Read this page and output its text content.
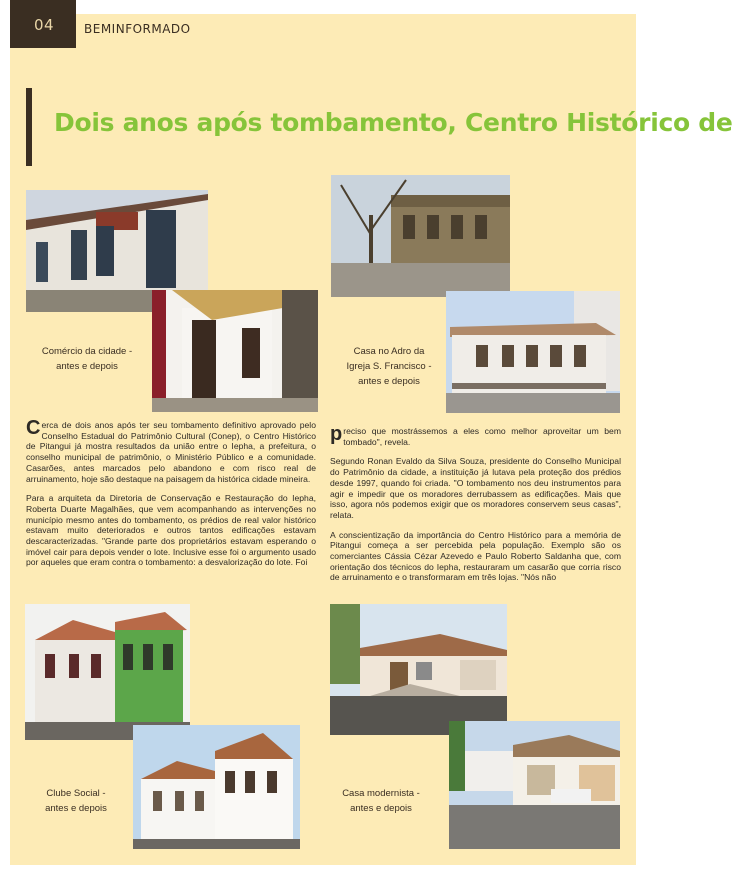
04 BEMINFORMADO
Dois anos após tombamento, Centro Histórico de
Comércio da cidade -
antes e depois
Casa no Adro da
Igreja S. Francisco -
antes e depois

Cerca de dois anos após ter seu tombamento definitivo aprovado pelo Conselho Estadual do Patrimônio Cultural (Conep), o Centro Histórico de Pitangui já mostra resultados da união entre o Iepha, a prefeitura, o conselho municipal de patrimônio, o Ministério Público e a comunidade. Casarões, antes marcados pelo abandono e com risco real de arruinamento, hoje são destaque na paisagem da histórica cidade mineira.

Para a arquiteta da Diretoria de Conservação e Restauração do Iepha, Roberta Duarte Magalhães, que vem acompanhando as intervenções no município mesmo antes do tombamento, os prédios de real valor histórico estavam muito deteriorados e outros tantos edificações estavam descaracterizadas. "Grande parte dos proprietários estavam esperando o imóvel cair para depois vender o lote. Inclusive esse foi o argumento usado por aqueles que eram contra o tombamento: a desvalorização do lote. Foi

preciso que mostrássemos a eles como melhor aproveitar um bem tombado", revela.

Segundo Ronan Evaldo da Silva Souza, presidente do Conselho Municipal do Patrimônio da cidade, a instituição já lutava pela proteção dos prédios desde 1997, quando foi criada. "O tombamento nos deu instrumentos para agir e impedir que os moradores derrubassem as edificações. Mais que isso, agora nós podemos exigir que os moradores conservem seus casas", relata.

A conscientização da importância do Centro Histórico para a memória de Pitangui começa a ser percebida pela população. Exemplo são os comerciantes Cássia Cézar Azevedo e Paulo Roberto Saldanha que, com orientação dos técnicos do Iepha, restauraram um casarão que corria risco de arruinamento e o transformaram em três lojas. "Nós não

Clube Social -
antes e depois
Casa modernista -
antes e depois
